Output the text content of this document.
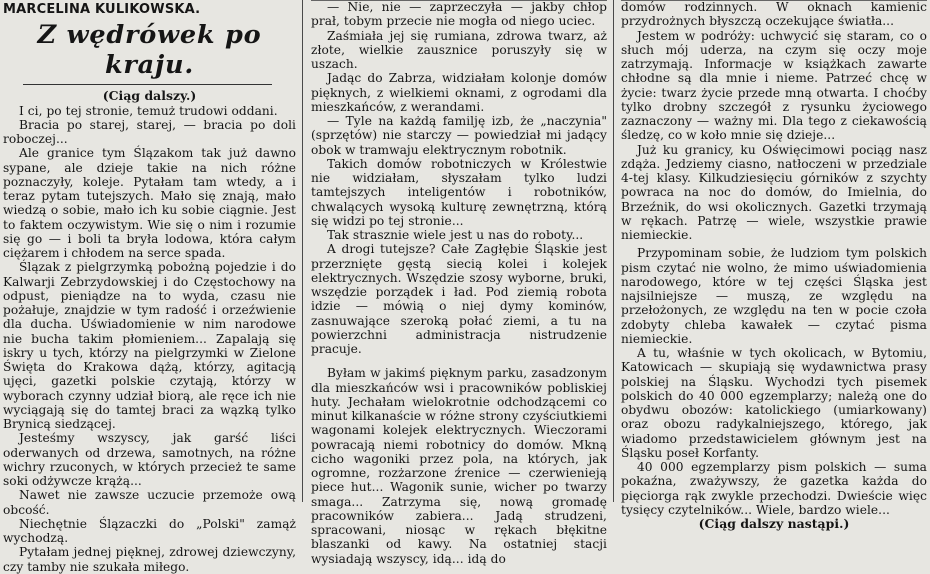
MARCELINA KULIKOWSKA.
Z wędrówek po kraju.
(Ciąg dalszy.)

I ci, po tej stronie, temuż trudowi oddani.

Bracia po starej, starej, — bracia po doli roboczej...

Ale granice tym Ślązakom tak już dawno sypane, ale dzieje takie na nich różne poznaczyły, koleje. Pytałam tam wtedy, a i teraz pytam tutejszych. Mało się znają, mało wiedzą o sobie, mało ich ku sobie ciągnie. Jest to faktem oczywistym. Wie się o nim i rozumie się go — i boli ta bryła lodowa, która całym ciężarem i chłodem na serce spada.

Ślązak z pielgrzymką pobożną pojedzie i do Kalwarji Zebrzydowskiej i do Częstochowy na odpust, pieniądze na to wyda, czasu nie pożałuje, znajdzie w tym radość i orzeźwienie dla ducha. Uświadomienie w nim narodowe nie bucha takim płomieniem... Zapalają się iskry u tych, którzy na pielgrzymki w Zielone Święta do Krakowa dążą, którzy, agitacją ujęci, gazetki polskie czytają, którzy w wyborach czynny udział biorą, ale ręce ich nie wyciągają się do tamtej braci za wązką tylko Brynicą siedzącej.

Jesteśmy wszyscy, jak garść liści oderwanych od drzewa, samotnych, na różne wichry rzuconych, w których przecież te same soki odżywcze krążą...

Nawet nie zawsze uczucie przemoże ową obcość.

Niechętnie Ślązaczki do „Polski" zamąż wychodzą.

Pytałam jednej pięknej, zdrowej dziewczyny, czy tamby nie szukała miłego.

— Nie, nie — zaprzeczyła — jakby chłop prał, tobym przecie nie mogła od niego uciec.

Zaśmiała jej się rumiana, zdrowa twarz, aż złote, wielkie zausznice poruszyły się w uszach.

Jadąc do Zabrza, widziałam kolonje domów pięknych, z wielkiemi oknami, z ogrodami dla mieszkańców, z werandami.

— Tyle na każdą familję izb, że „naczynia" (sprzętów) nie starczy — powiedział mi jadący obok w tramwaju elektrycznym robotnik.

Takich domów robotniczych w Królestwie nie widziałam, słyszałam tylko ludzi tamtejszych inteligentów i robotników, chwalących wysoką kulturę zewnętrzną, którą się widzi po tej stronie...

Tak strasznie wiele jest u nas do roboty...

A drogi tutejsze? Całe Zagłębie Śląskie jest przerznięte gęstą siecią kolei i kolejek elektrycznych. Wszędzie szosy wyborne, bruki, wszędzie porządek i ład. Pod ziemią robota idzie — mówią o niej dymy kominów, zasnuwające szeroką połać ziemi, a tu na powierzchni administracja nistrudzenie pracuje.

Byłam w jakimś pięknym parku, zasadzonym dla mieszkańców wsi i pracowników pobliskiej huty. Jechałam wielokrotnie odchodzącemi co minut kilkanaście w różne strony czyściutkiemi wagonami kolejek elektrycznych. Wieczorami powracają niemi robotnicy do domów. Mkną cicho wagoniki przez pola, na których, jak ogromne, rozżarzone źrenice — czerwienieją piece hut... Wagonik sunie, wicher po twarzy smaga... Zatrzyma się, nową gromadę pracowników zabiera... Jadą strudzeni, spracowani, niosąc w rękach błękitne blaszanki od kawy. Na ostatniej stacji wysiadają wszyscy, idą... idą do

domów rodzinnych. W oknach kamienic przydrożnych błyszczą oczekujące światła...

Jestem w podróży: uchwycić się staram, co o słuch mój uderza, na czym się oczy moje zatrzymają. Informacje w książkach zawarte chłodne są dla mnie i nieme. Patrzeć chcę w życie: twarz życie przede mną otwarta. I choćby tylko drobny szczegół z rysunku życiowego zaznaczony — ważny mi. Dla tego z ciekawością śledzę, co w koło mnie się dzieje...

Już ku granicy, ku Oświęcimowi pociąg nasz zdąża. Jedziemy ciasno, natłoczeni w przedziale 4-tej klasy. Kilkudziesięciu górników z szychty powraca na noc do domów, do Imielnia, do Brzeźnik, do wsi okolicznych. Gazetki trzymają w rękach. Patrzę — wiele, wszystkie prawie niemieckie.

Przypominam sobie, że ludziom tym polskich pism czytać nie wolno, że mimo uświadomienia narodowego, które w tej części Śląska jest najsilniejsze — muszą, ze względu na przełożonych, ze względu na ten w pocie czoła zdobyty chleba kawałek — czytać pisma niemieckie.

A tu, właśnie w tych okolicach, w Bytomiu, Katowicach — skupiają się wydawnictwa prasy polskiej na Śląsku. Wychodzi tych pisemek polskich do 40 000 egzemplarzy; należą one do obydwu obozów: katolickiego (umiarkowany) oraz obozu radykalniejszego, którego, jak wiadomo przedstawicielem głównym jest na Śląsku poseł Korfanty.

40 000 egzemplarzy pism polskich — suma pokaźna, zważywszy, że gazetka każda do pięciorga rąk zwykle przechodzi. Dwieście więc tysięcy czytelników... Wiele, bardzo wiele...

(Ciąg dalszy nastąpi.)
